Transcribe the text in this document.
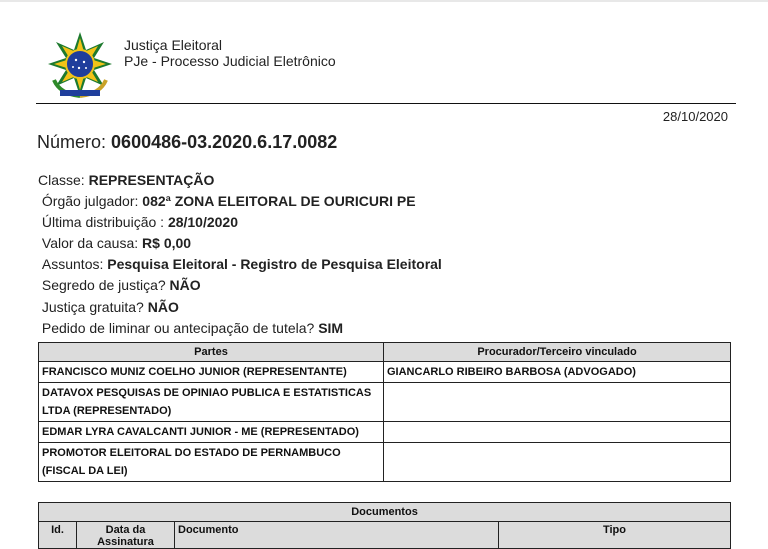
Justiça Eleitoral
PJe - Processo Judicial Eletrônico
28/10/2020
Número: 0600486-03.2020.6.17.0082
Classe: REPRESENTAÇÃO
Órgão julgador: 082ª ZONA ELEITORAL DE OURICURI PE
Última distribuição : 28/10/2020
Valor da causa: R$ 0,00
Assuntos: Pesquisa Eleitoral - Registro de Pesquisa Eleitoral
Segredo de justiça? NÃO
Justiça gratuita? NÃO
Pedido de liminar ou antecipação de tutela? SIM
Partes	Procurador/Terceiro vinculado
FRANCISCO MUNIZ COELHO JUNIOR (REPRESENTANTE)	GIANCARLO RIBEIRO BARBOSA (ADVOGADO)
DATAVOX PESQUISAS DE OPINIAO PUBLICA E ESTATISTICAS LTDA (REPRESENTADO)	
EDMAR LYRA CAVALCANTI JUNIOR - ME (REPRESENTADO)	
PROMOTOR ELEITORAL DO ESTADO DE PERNAMBUCO (FISCAL DA LEI)	
Documentos
Id.	Data da Assinatura	Documento	Tipo
